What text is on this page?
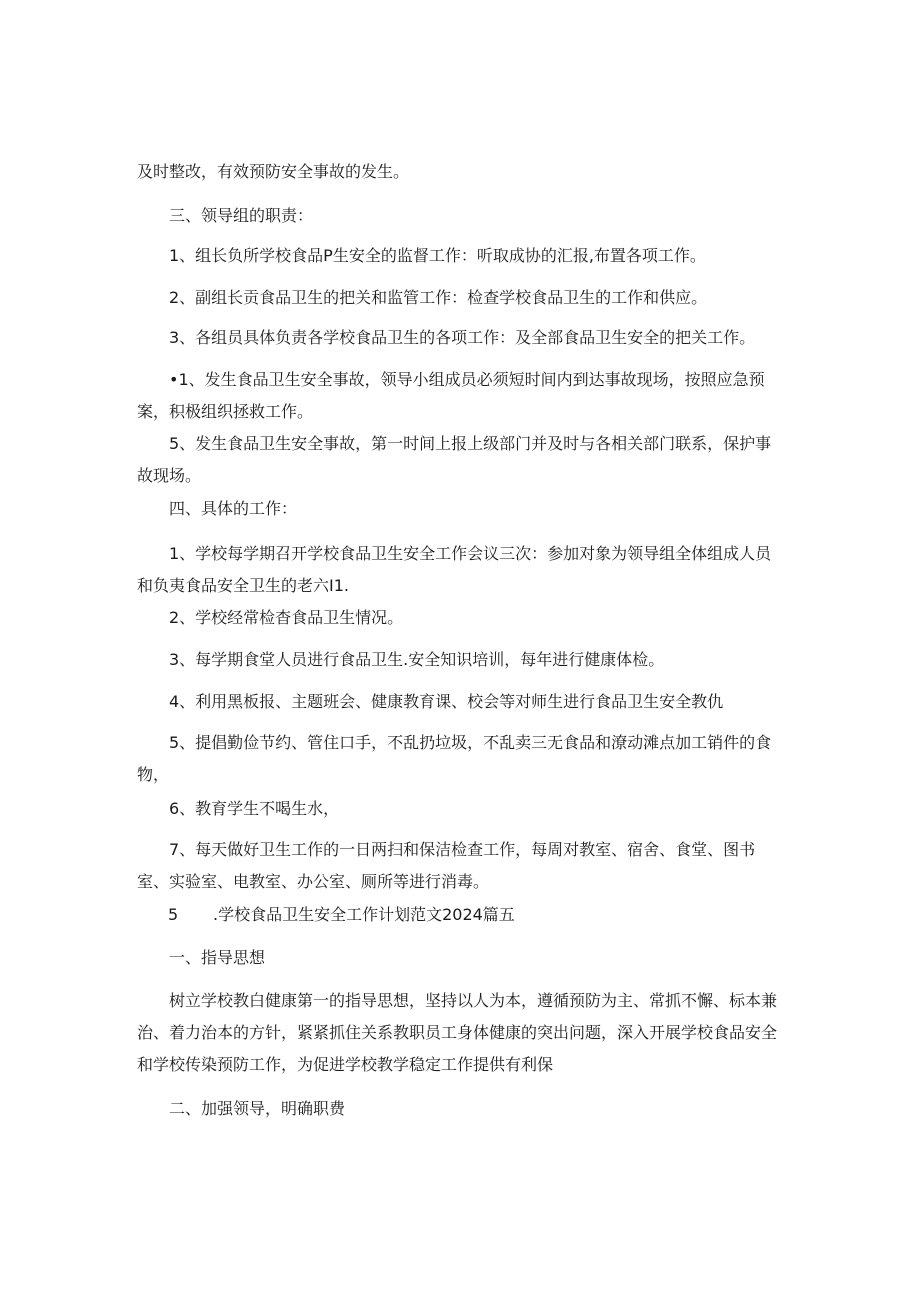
及时整改，有效预防安全事故的发生。

三、领导组的职责：

1、组长负所学校食品P生安全的监督工作：听取成协的汇报,布置各项工作。

2、副组长贡食品卫生的把关和监管工作：检查学校食品卫生的工作和供应。

3、各组员具体负责各学校食品卫生的各项工作：及全部食品卫生安全的把关工作。

•1、发生食品卫生安全事故，领导小组成员必须短时间内到达事故现场，按照应急预案，积极组织拯救工作。

5、发生食品卫生安全事故，第一时间上报上级部门并及时与各相关部门联系，保护事故现场。

四、具体的工作：

1、学校每学期召开学校食品卫生安全工作会议三次：参加对象为领导组全体组成人员和负夷食品安全卫生的老六I1.

2、学校经常检杳食品卫生情况。

3、每学期食堂人员进行食品卫生.安全知识培训，每年进行健康体检。

4、利用黑板报、主题班会、健康教育课、校会等对师生进行食品卫生安全教仇

5、提倡勤俭节约、管住口手，不乱扔垃圾，不乱卖三无食品和潦动滩点加工销件的食物，

6、教育学生不喝生水，

7、每天做好卫生工作的一日两扫和保洁检查工作，每周对教室、宿舍、食堂、图书室、实验室、电教室、办公室、厕所等进行消毒。

5 .学校食品卫生安全工作计划范文2024篇五

一、指导思想

树立学校教白健康第一的指导思想，坚持以人为本，遵循预防为主、常抓不懈、标本兼治、着力治本的方针，紧紧抓住关系教职员工身体健康的突出问题，深入开展学校食品安全和学校传染预防工作，为促进学校教学稳定工作提供有利保

二、加强领导，明确职费
